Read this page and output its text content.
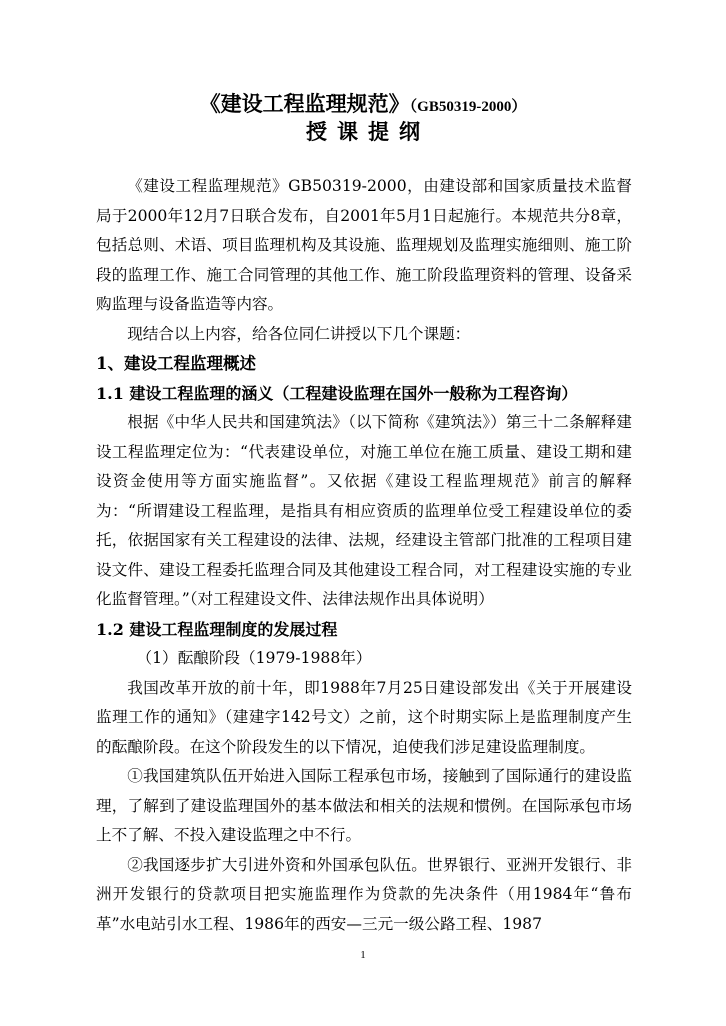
《建设工程监理规范》（GB50319-2000）
授课提纲

《建设工程监理规范》GB50319-2000，由建设部和国家质量技术监督局于2000年12月7日联合发布，自2001年5月1日起施行。本规范共分8章，包括总则、术语、项目监理机构及其设施、监理规划及监理实施细则、施工阶段的监理工作、施工合同管理的其他工作、施工阶段监理资料的管理、设备采购监理与设备监造等内容。

现结合以上内容，给各位同仁讲授以下几个课题：

1、建设工程监理概述

1.1 建设工程监理的涵义（工程建设监理在国外一般称为工程咨询）

根据《中华人民共和国建筑法》（以下简称《建筑法》）第三十二条解释建设工程监理定位为：“代表建设单位，对施工单位在施工质量、建设工期和建设资金使用等方面实施监督”。又依据《建设工程监理规范》前言的解释为：“所谓建设工程监理，是指具有相应资质的监理单位受工程建设单位的委托，依据国家有关工程建设的法律、法规，经建设主管部门批准的工程项目建设文件、建设工程委托监理合同及其他建设工程合同，对工程建设实施的专业化监督管理。”（对工程建设文件、法律法规作出具体说明）

1.2 建设工程监理制度的发展过程

（1）酝酿阶段（1979-1988年）

我国改革开放的前十年，即1988年7月25日建设部发出《关于开展建设监理工作的通知》（建建字142号文）之前，这个时期实际上是监理制度产生的酝酿阶段。在这个阶段发生的以下情况，迫使我们涉足建设监理制度。

①我国建筑队伍开始进入国际工程承包市场，接触到了国际通行的建设监理，了解到了建设监理国外的基本做法和相关的法规和惯例。在国际承包市场上不了解、不投入建设监理之中不行。

②我国逐步扩大引进外资和外国承包队伍。世界银行、亚洲开发银行、非洲开发银行的贷款项目把实施监理作为贷款的先决条件（用1984年“鲁布革”水电站引水工程、1986年的西安—三元一级公路工程、1987

1
